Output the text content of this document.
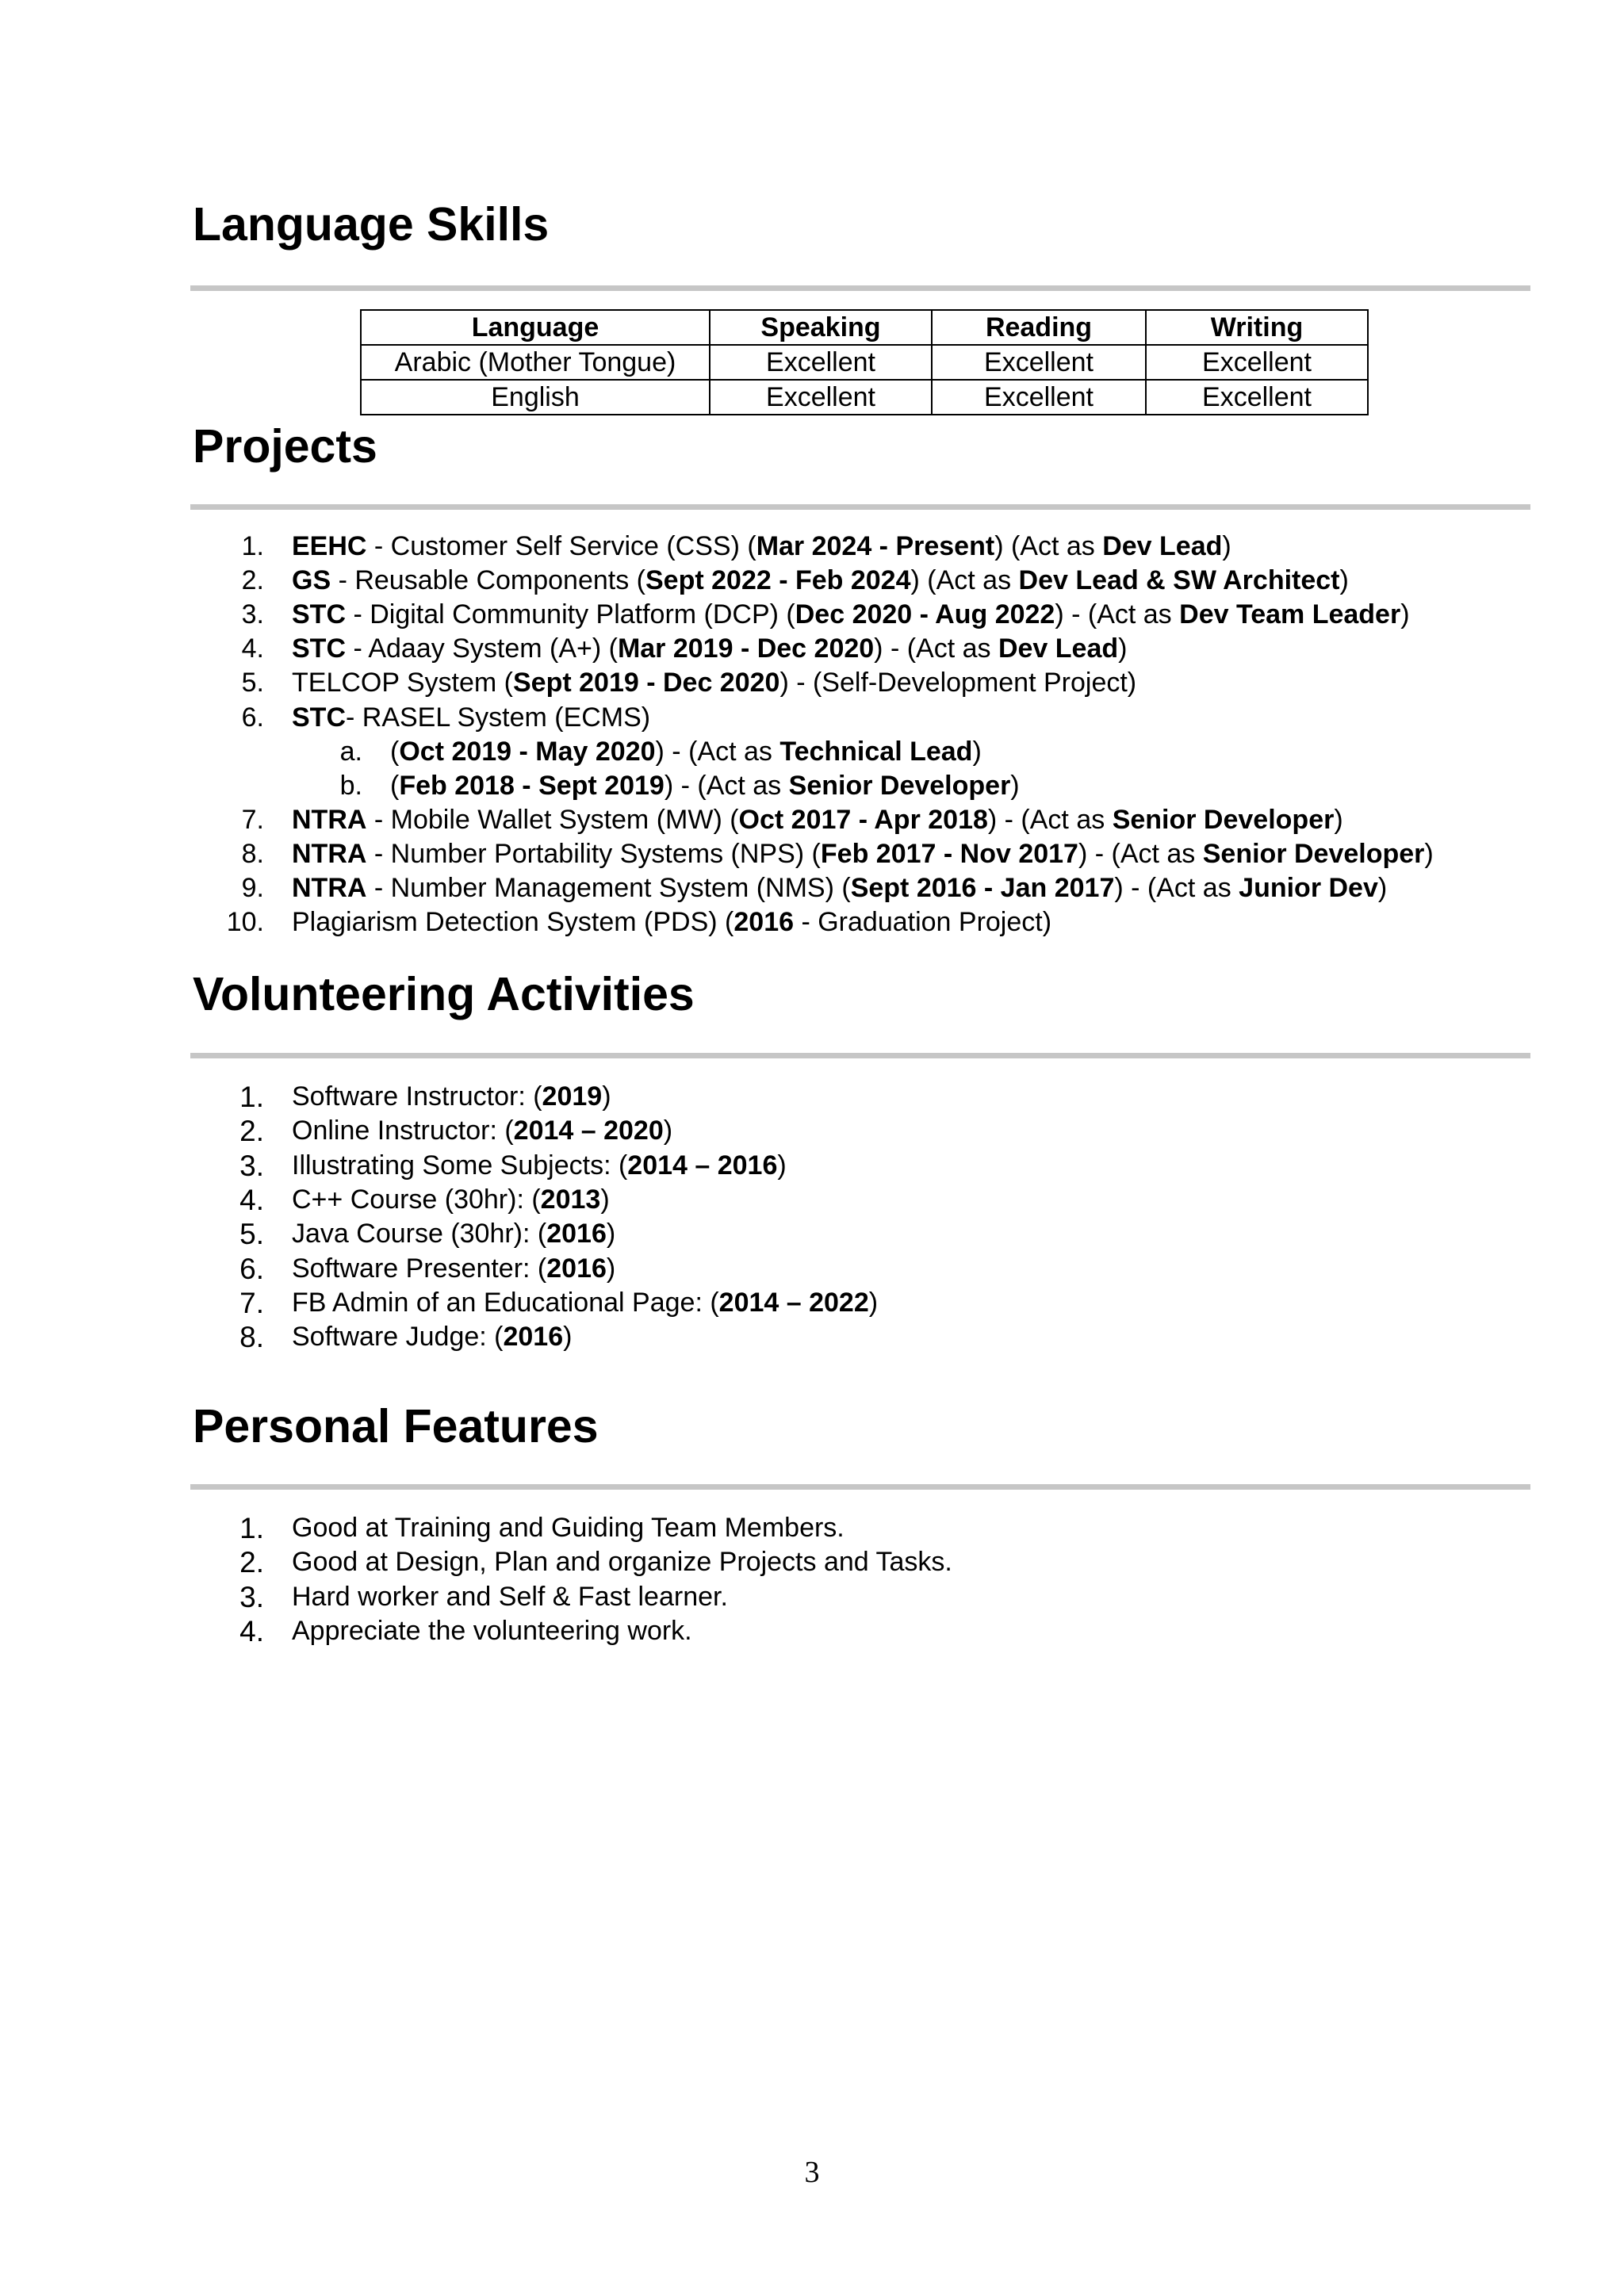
Language Skills
Language	Speaking	Reading	Writing
Arabic (Mother Tongue)	Excellent	Excellent	Excellent
English	Excellent	Excellent	Excellent
Projects
1. EEHC - Customer Self Service (CSS) (Mar 2024 - Present) (Act as Dev Lead)
2. GS - Reusable Components (Sept 2022 - Feb 2024) (Act as Dev Lead & SW Architect)
3. STC - Digital Community Platform (DCP) (Dec 2020 - Aug 2022) - (Act as Dev Team Leader)
4. STC - Adaay System (A+) (Mar 2019 - Dec 2020) - (Act as Dev Lead)
5. TELCOP System (Sept 2019 - Dec 2020) - (Self-Development Project)
6. STC- RASEL System (ECMS)
a. (Oct 2019 - May 2020) - (Act as Technical Lead)
b. (Feb 2018 - Sept 2019) - (Act as Senior Developer)
7. NTRA - Mobile Wallet System (MW) (Oct 2017 - Apr 2018) - (Act as Senior Developer)
8. NTRA - Number Portability Systems (NPS) (Feb 2017 - Nov 2017) - (Act as Senior Developer)
9. NTRA - Number Management System (NMS) (Sept 2016 - Jan 2017) - (Act as Junior Dev)
10. Plagiarism Detection System (PDS) (2016 - Graduation Project)
Volunteering Activities
1. Software Instructor: (2019)
2. Online Instructor: (2014 – 2020)
3. Illustrating Some Subjects: (2014 – 2016)
4. C++ Course (30hr): (2013)
5. Java Course (30hr): (2016)
6. Software Presenter: (2016)
7. FB Admin of an Educational Page: (2014 – 2022)
8. Software Judge: (2016)
Personal Features
1. Good at Training and Guiding Team Members.
2. Good at Design, Plan and organize Projects and Tasks.
3. Hard worker and Self & Fast learner.
4. Appreciate the volunteering work.
3
